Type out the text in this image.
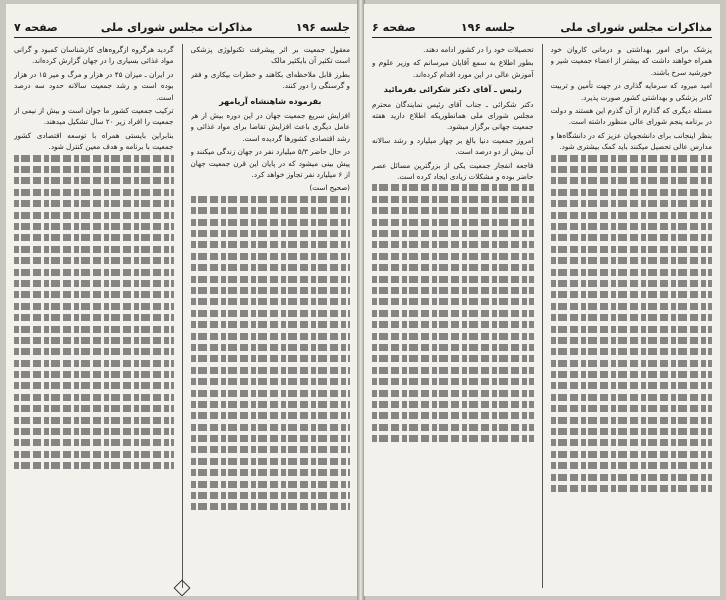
جلسه ۱۹۶
مذاکرات مجلس شورای ملی
صفحه ۷

معقول جمعیت بر اثر پیشرفت تکنولوژی پزشکی است تکثیر آن بایکثیر مالک

بطرز قابل ملاحظه‌ای بکاهند و خطرات بیکاری و فقر و گرسنگی را دور کنند.

بفرموده شاهنشاه آریامهر

افزایش سریع جمعیت جهان در این دوره بیش از هر عامل دیگری باعث افزایش تقاضا برای مواد غذائی و رشد اقتصادی کشورها گردیده است.

در حال حاضر ۵/۳ میلیارد نفر در جهان زندگی میکنند و پیش بینی میشود که در پایان این قرن جمعیت جهان از ۶ میلیارد نفر تجاوز خواهد کرد.

(صحیح است)

گردید هرگروه ازگروه‌های کارشناسان کمبود و گرانی مواد غذائی بسیاری را در جهان گزارش کرده‌اند.

در ایران ـ میزان ۴۵ در هزار و مرگ و میر ۱۵ در هزار بوده است و رشد جمعیت سالانه حدود سه درصد است.

ترکیب جمعیت کشور ما جوان است و بیش از نیمی از جمعیت را افراد زیر ۲۰ سال تشکیل میدهند.

بنابراین بایستی همراه با توسعه اقتصادی کشور جمعیت با برنامه و هدف معین کنترل شود.

مذاکرات مجلس شورای ملی
جلسه ۱۹۶
صفحه ۶

پزشک برای امور بهداشتی و درمانی کاروان خود همراه خواهند داشت که بیشتر از اعضاء جمعیت شیر و خورشید سرخ باشند.

امید میرود که سرمایه گذاری در جهت تأمین و تربیت کادر پزشکی و بهداشتی کشور صورت پذیرد.

مسئله دیگری که گذارم از آن گذرم این هستند و دولت در برنامه پنجم شورای عالی منظور داشته است.

بنظر اینجانب برای دانشجویان عزیز که در دانشگاه‌ها و مدارس عالی تحصیل میکنند باید کمک بیشتری شود.

تحصیلات خود را در کشور ادامه دهند.

بطور اطلاع به سمع آقایان میرسانم که وزیر علوم و آموزش عالی در این مورد اقدام کرده‌اند.

رئیس ـ آقای دکتر شکرائی بفرمائید

دکتر شکرائی ـ جناب آقای رئیس نمایندگان محترم مجلس شورای ملی همانطوریکه اطلاع دارید هفته جمعیت جهانی برگزار میشود.

امروز جمعیت دنیا بالغ بر چهار میلیارد و رشد سالانه آن بیش از دو درصد است.

فاجعه انفجار جمعیت یکی از بزرگترین مسائل عصر حاضر بوده و مشکلات زیادی ایجاد کرده است.
